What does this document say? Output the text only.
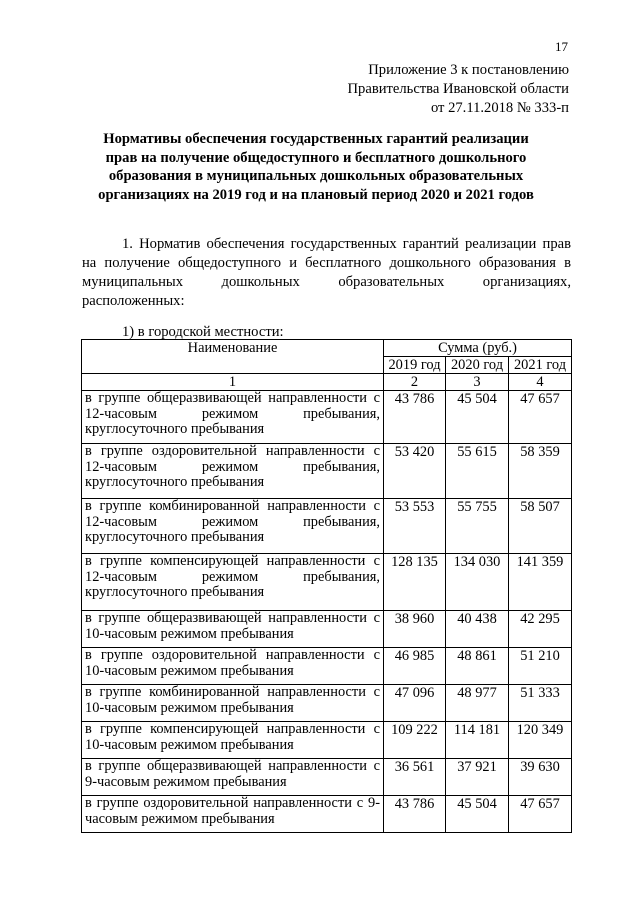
17
Приложение 3 к постановлению
Правительства Ивановской области
от 27.11.2018 № 333-п
Нормативы обеспечения государственных гарантий реализации прав на получение общедоступного и бесплатного дошкольного образования в муниципальных дошкольных образовательных организациях на 2019 год и на плановый период 2020 и 2021 годов

1. Норматив обеспечения государственных гарантий реализации прав на получение общедоступного и бесплатного дошкольного образования в муниципальных дошкольных образовательных организациях, расположенных:

1) в городской местности:
Наименование	Сумма (руб.)		
	2019 год	2020 год	2021 год
1	2	3	4
в группе общеразвивающей направленности с 12-часовым режимом пребывания, круглосуточного пребывания	43 786	45 504	47 657
в группе оздоровительной направленности с 12-часовым режимом пребывания, круглосуточного пребывания	53 420	55 615	58 359
в группе комбинированной направленности с 12-часовым режимом пребывания, круглосуточного пребывания	53 553	55 755	58 507
в группе компенсирующей направленности с 12-часовым режимом пребывания, круглосуточного пребывания	128 135	134 030	141 359
в группе общеразвивающей направленности с 10-часовым режимом пребывания	38 960	40 438	42 295
в группе оздоровительной направленности с 10-часовым режимом пребывания	46 985	48 861	51 210
в группе комбинированной направленности с 10-часовым режимом пребывания	47 096	48 977	51 333
в группе компенсирующей направленности с 10-часовым режимом пребывания	109 222	114 181	120 349
в группе общеразвивающей направленности с 9-часовым режимом пребывания	36 561	37 921	39 630
в группе оздоровительной направленности с 9-часовым режимом пребывания	43 786	45 504	47 657
